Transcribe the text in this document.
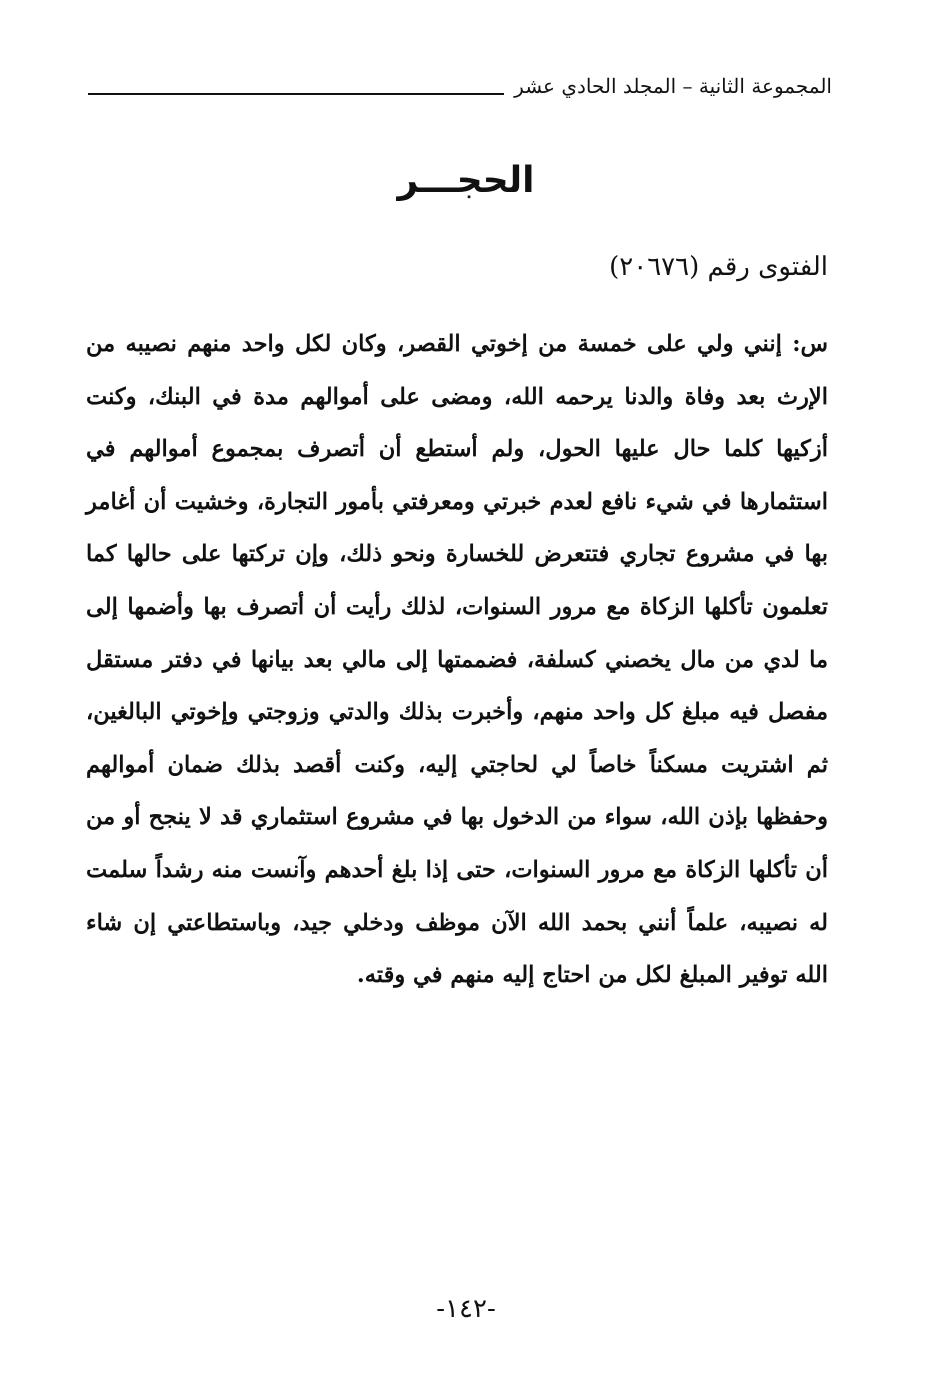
المجموعة الثانية – المجلد الحادي عشر
الحجـــر
الفتوى رقم (٢٠٦٧٦)
س: إنني ولي على خمسة من إخوتي القصر، وكان لكل واحد منهم نصيبه من الإرث بعد وفاة والدنا يرحمه الله، ومضى على أموالهم مدة في البنك، وكنت أزكيها كلما حال عليها الحول، ولم أستطع أن أتصرف بمجموع أموالهم في استثمارها في شيء نافع لعدم خبرتي ومعرفتي بأمور التجارة، وخشيت أن أغامر بها في مشروع تجاري فتتعرض للخسارة ونحو ذلك، وإن تركتها على حالها كما تعلمون تأكلها الزكاة مع مرور السنوات، لذلك رأيت أن أتصرف بها وأضمها إلى ما لدي من مال يخصني كسلفة، فضممتها إلى مالي بعد بيانها في دفتر مستقل مفصل فيه مبلغ كل واحد منهم، وأخبرت بذلك والدتي وزوجتي وإخوتي البالغين، ثم اشتريت مسكناً خاصاً لي لحاجتي إليه، وكنت أقصد بذلك ضمان أموالهم وحفظها بإذن الله، سواء من الدخول بها في مشروع استثماري قد لا ينجح أو من أن تأكلها الزكاة مع مرور السنوات، حتى إذا بلغ أحدهم وآنست منه رشداً سلمت له نصيبه، علماً أنني بحمد الله الآن موظف ودخلي جيد، وباستطاعتي إن شاء الله توفير المبلغ لكل من احتاج إليه منهم في وقته.
-١٤٢-
